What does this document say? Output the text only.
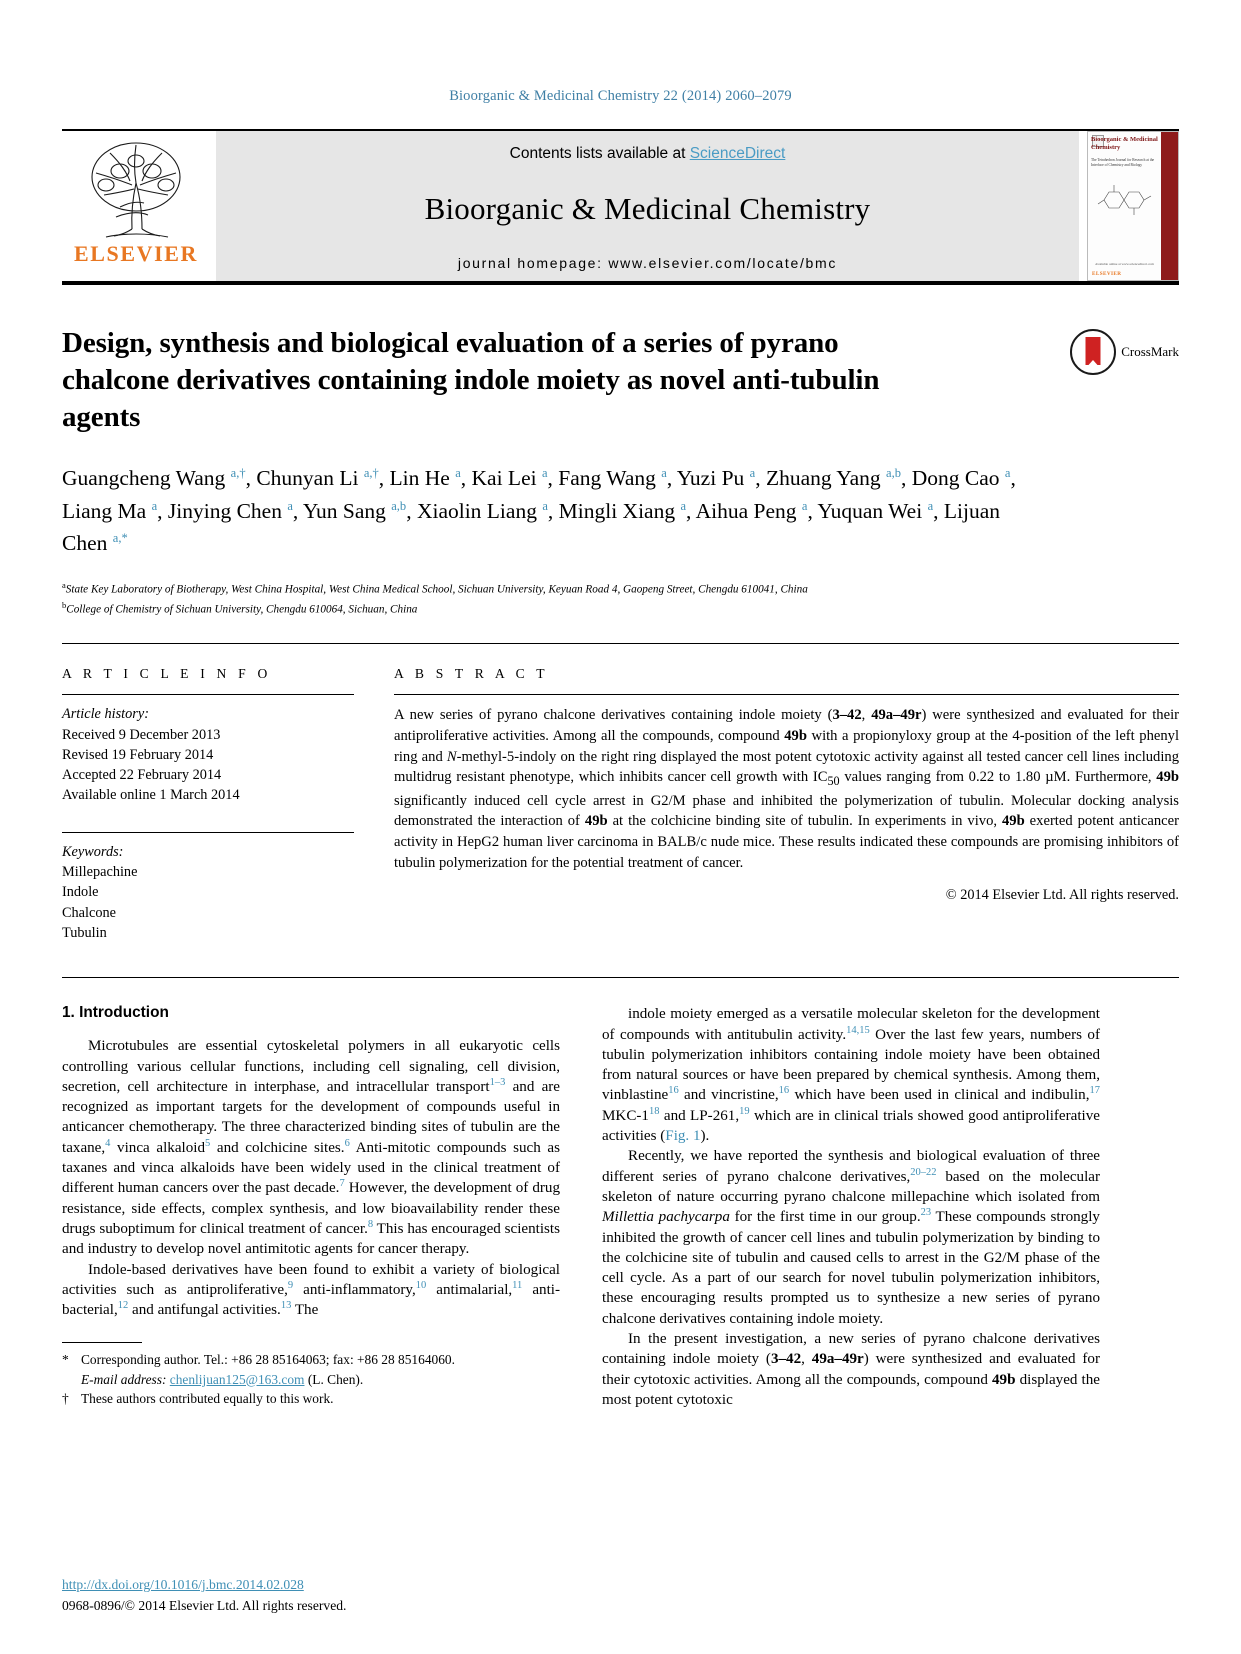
Bioorganic & Medicinal Chemistry 22 (2014) 2060–2079
ELSEVIER
Contents lists available at ScienceDirect
Bioorganic & Medicinal Chemistry
journal homepage: www.elsevier.com/locate/bmc
Bioorganic & Medicinal Chemistry
The Tetrahedron Journal for Research at the Interface of Chemistry and Biology
Available online at www.sciencedirect.com
ELSEVIER
Design, synthesis and biological evaluation of a series of pyrano chalcone derivatives containing indole moiety as novel anti-tubulin agents
CrossMark
Guangcheng Wang $^{a,\dagger}$, Chunyan Li $^{a,\dagger}$, Lin He $^a$, Kai Lei $^a$, Fang Wang $^a$, Yuzi Pu $^a$, Zhuang Yang $^{a,b}$, Dong Cao $^a$, Liang Ma $^a$, Jinying Chen $^a$, Yun Sang $^{a,b}$, Xiaolin Liang $^a$, Mingli Xiang $^a$, Aihua Peng $^a$, Yuquan Wei $^a$, Lijuan Chen $^{a,*}$
$^a$State Key Laboratory of Biotherapy, West China Hospital, West China Medical School, Sichuan University, Keyuan Road 4, Gaopeng Street, Chengdu 610041, China
$^b$College of Chemistry of Sichuan University, Chengdu 610064, Sichuan, China
A R T I C L E I N F O
Article history:
Received 9 December 2013
Revised 19 February 2014
Accepted 22 February 2014
Available online 1 March 2014
Keywords:
Millepachine
Indole
Chalcone
Tubulin
A B S T R A C T
A new series of pyrano chalcone derivatives containing indole moiety (3–42, 49a–49r) were synthesized and evaluated for their antiproliferative activities. Among all the compounds, compound 49b with a propionyloxy group at the 4-position of the left phenyl ring and N-methyl-5-indoly on the right ring displayed the most potent cytotoxic activity against all tested cancer cell lines including multidrug resistant phenotype, which inhibits cancer cell growth with $IC_{50}$ values ranging from 0.22 to 1.80 µM. Furthermore, 49b significantly induced cell cycle arrest in G2/M phase and inhibited the polymerization of tubulin. Molecular docking analysis demonstrated the interaction of 49b at the colchicine binding site of tubulin. In experiments in vivo, 49b exerted potent anticancer activity in HepG2 human liver carcinoma in BALB/c nude mice. These results indicated these compounds are promising inhibitors of tubulin polymerization for the potential treatment of cancer.
© 2014 Elsevier Ltd. All rights reserved.
1. Introduction

Microtubules are essential cytoskeletal polymers in all eukaryotic cells controlling various cellular functions, including cell signaling, cell division, secretion, cell architecture in interphase, and intracellular transport$^{1-3}$ and are recognized as important targets for the development of compounds useful in anticancer chemotherapy. The three characterized binding sites of tubulin are the taxane,$^4$ vinca alkaloid$^5$ and colchicine sites.$^6$ Anti-mitotic compounds such as taxanes and vinca alkaloids have been widely used in the clinical treatment of different human cancers over the past decade.$^7$ However, the development of drug resistance, side effects, complex synthesis, and low bioavailability render these drugs suboptimum for clinical treatment of cancer.$^8$ This has encouraged scientists and industry to develop novel antimitotic agents for cancer therapy.

Indole-based derivatives have been found to exhibit a variety of biological activities such as antiproliferative,$^9$ anti-inflammatory,$^{10}$ antimalarial,$^{11}$ anti-bacterial,$^{12}$ and antifungal activities.$^{13}$ The

* Corresponding author. Tel.: +86 28 85164063; fax: +86 28 85164060.
E-mail address: chenlijuan125@163.com (L. Chen).
† These authors contributed equally to this work.

indole moiety emerged as a versatile molecular skeleton for the development of compounds with antitubulin activity.$^{14,15}$ Over the last few years, numbers of tubulin polymerization inhibitors containing indole moiety have been obtained from natural sources or have been prepared by chemical synthesis. Among them, vinblastine$^{16}$ and vincristine,$^{16}$ which have been used in clinical and indibulin,$^{17}$ MKC-1$^{18}$ and LP-261,19 which are in clinical trials showed good antiproliferative activities (Fig. 1).

Recently, we have reported the synthesis and biological evaluation of three different series of pyrano chalcone derivatives,$^{20-22}$ based on the molecular skeleton of nature occurring pyrano chalcone millepachine which isolated from Millettia pachycarpa for the first time in our group.$^{23}$ These compounds strongly inhibited the growth of cancer cell lines and tubulin polymerization by binding to the colchicine site of tubulin and caused cells to arrest in the G2/M phase of the cell cycle. As a part of our search for novel tubulin polymerization inhibitors, these encouraging results prompted us to synthesize a new series of pyrano chalcone derivatives containing indole moiety.

In the present investigation, a new series of pyrano chalcone derivatives containing indole moiety (3–42, 49a–49r) were synthesized and evaluated for their cytotoxic activities. Among all the compounds, compound 49b displayed the most potent cytotoxic

http://dx.doi.org/10.1016/j.bmc.2014.02.028
0968-0896/© 2014 Elsevier Ltd. All rights reserved.
